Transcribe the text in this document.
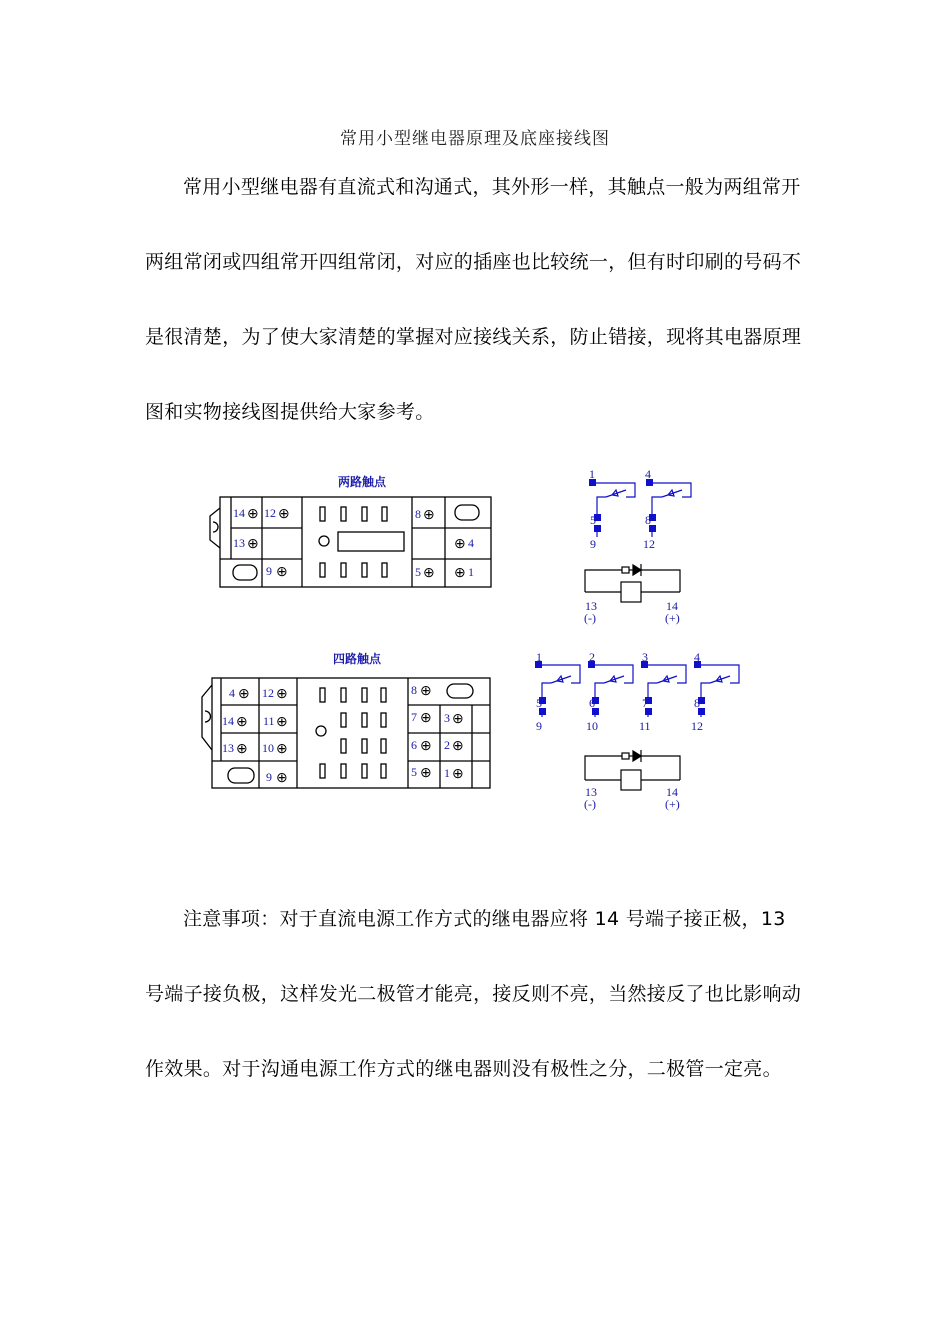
常用小型继电器原理及底座接线图

常用小型继电器有直流式和沟通式，其外形一样，其触点一般为两组常开两组常闭或四组常开四组常闭，对应的插座也比较统一，但有时印刷的号码不是很清楚，为了使大家清楚的掌握对应接线关系，防止错接，现将其电器原理图和实物接线图提供给大家参考。

两路触点
14 ⊕ 12 ⊕
13 ⊕
9 ⊕
8 ⊕
⊕ 4
5 ⊕ ⊕ 1
1
5
9
4
8
12
13	14
(-)	(+)
四路触点
4 ⊕ 12 ⊕
14 ⊕ 11 ⊕
13 ⊕ 10 ⊕
9 ⊕
8 ⊕
7 ⊕ 3 ⊕
6 ⊕ 2 ⊕
5 ⊕ 1 ⊕
1
5
9
2
6
10
3
7
11
4
8
12
13	14
(-)	(+)

注意事项：对于直流电源工作方式的继电器应将 14 号端子接正极，13 号端子接负极，这样发光二极管才能亮，接反则不亮，当然接反了也比影响动作效果。对于沟通电源工作方式的继电器则没有极性之分，二极管一定亮。
